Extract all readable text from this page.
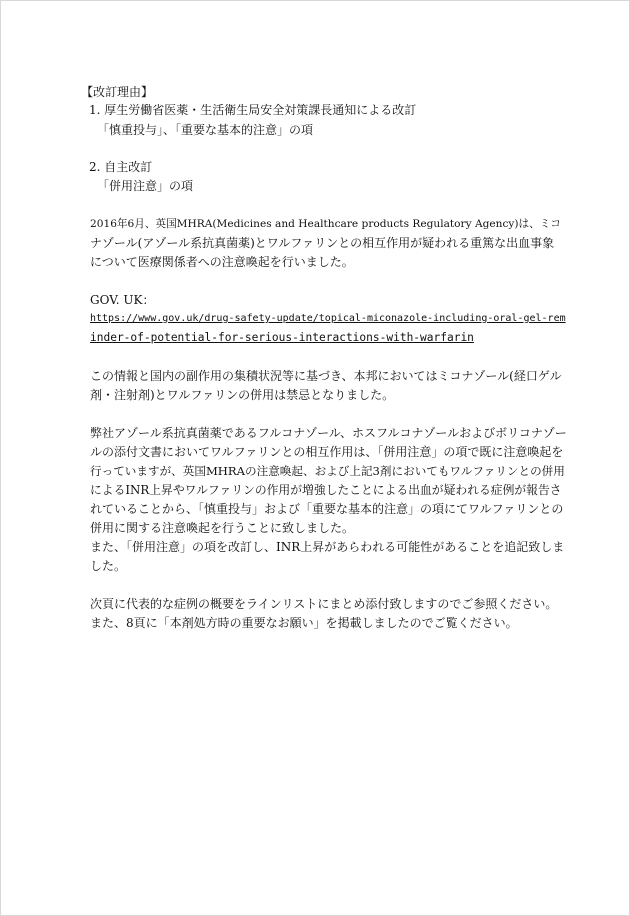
【改訂理由】
1. 厚生労働省医薬・生活衛生局安全対策課長通知による改訂
「慎重投与」、「重要な基本的注意」の項
2. 自主改訂
「併用注意」の項
2016年6月、英国MHRA(Medicines and Healthcare products Regulatory Agency)は、ミコ
ナゾール(アゾール系抗真菌薬)とワルファリンとの相互作用が疑われる重篤な出血事象
について医療関係者への注意喚起を行いました。
GOV. UK：
https://www.gov.uk/drug-safety-update/topical-miconazole-including-oral-gel-rem
inder-of-potential-for-serious-interactions-with-warfarin
この情報と国内の副作用の集積状況等に基づき、本邦においてはミコナゾール(経口ゲル
剤・注射剤)とワルファリンの併用は禁忌となりました。
弊社アゾール系抗真菌薬であるフルコナゾール、ホスフルコナゾールおよびボリコナゾー
ルの添付文書においてワルファリンとの相互作用は、「併用注意」の項で既に注意喚起を
行っていますが、英国MHRAの注意喚起、および上記3剤においてもワルファリンとの併用
によるINR上昇やワルファリンの作用が増強したことによる出血が疑われる症例が報告さ
れていることから、「慎重投与」および「重要な基本的注意」の項にてワルファリンとの
併用に関する注意喚起を行うことに致しました。
また、「併用注意」の項を改訂し、INR上昇があらわれる可能性があることを追記致しま
した。
次頁に代表的な症例の概要をラインリストにまとめ添付致しますのでご参照ください。
また、8頁に「本剤処方時の重要なお願い」を掲載しましたのでご覧ください。
